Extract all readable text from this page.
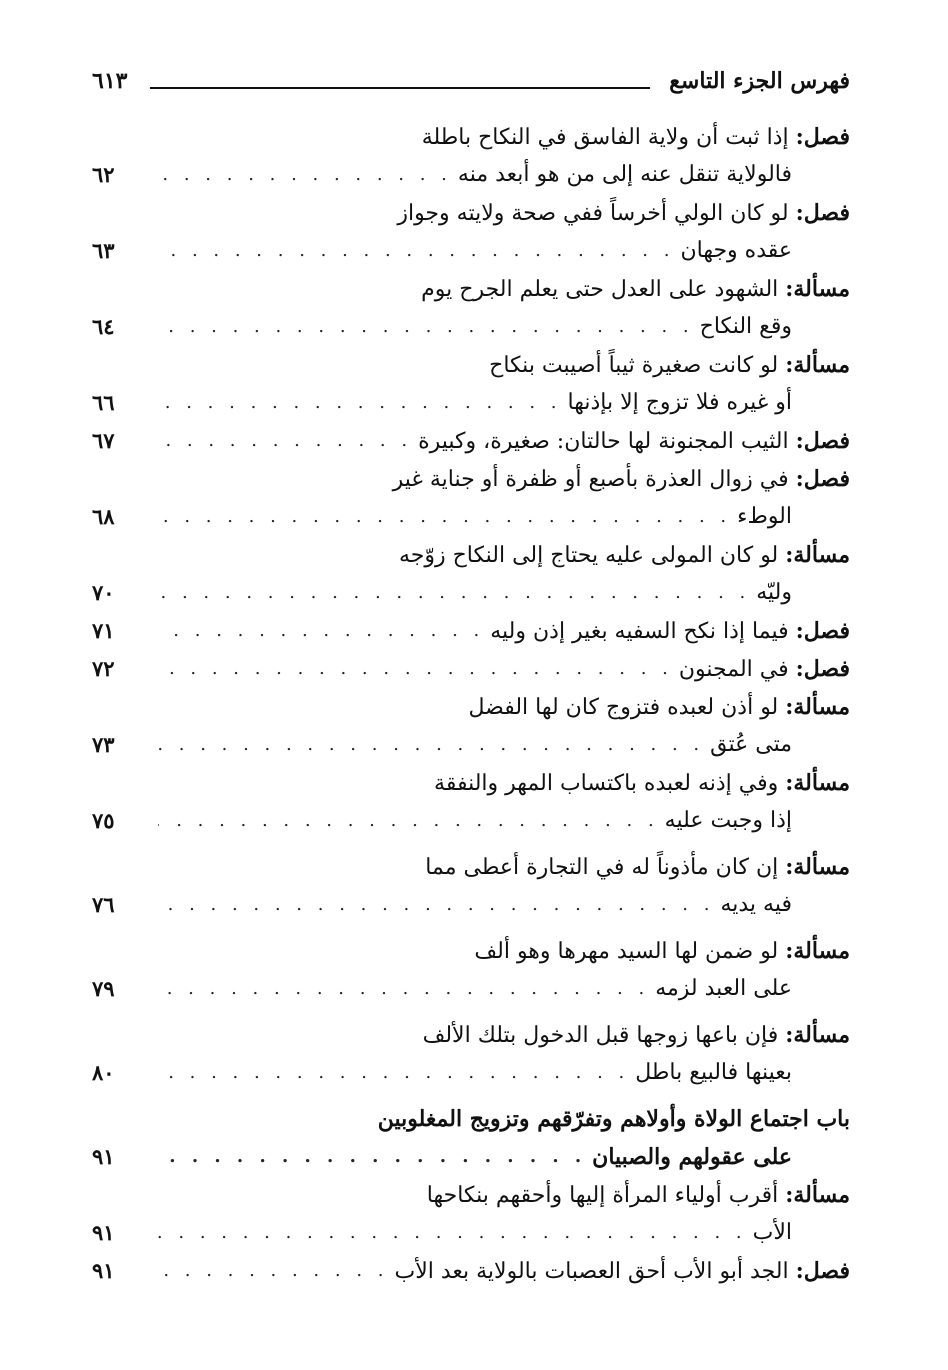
فهرس الجزء التاسع
٦١٣
فصل: إذا ثبت أن ولاية الفاسق في النكاح باطلة
فالولاية تنقل عنه إلى من هو أبعد منه
. . .
٦٢
فصل: لو كان الولي أخرساً ففي صحة ولايته وجواز
عقده وجهان
. . .
٦٣
مسألة: الشهود على العدل حتى يعلم الجرح يوم
وقع النكاح
. . .
٦٤
مسألة: لو كانت صغيرة ثيباً أصيبت بنكاح
أو غيره فلا تزوج إلا بإذنها
. . .
٦٦
فصل: الثيب المجنونة لها حالتان: صغيرة، وكبيرة
. . .
٦٧
فصل: في زوال العذرة بأصبع أو ظفرة أو جناية غير
الوطء
. . .
٦٨
مسألة: لو كان المولى عليه يحتاج إلى النكاح زوّجه
وليّه
. . .
٧٠
فصل: فيما إذا نكح السفيه بغير إذن وليه
. . .
٧١
فصل: في المجنون
. . .
٧٢
مسألة: لو أذن لعبده فتزوج كان لها الفضل
متى عُتق
. . .
٧٣
مسألة: وفي إذنه لعبده باكتساب المهر والنفقة
إذا وجبت عليه
. . .
٧٥
مسألة: إن كان مأذوناً له في التجارة أعطى مما
فيه يديه
. . .
٧٦
مسألة: لو ضمن لها السيد مهرها وهو ألف
على العبد لزمه
. . .
٧٩
مسألة: فإن باعها زوجها قبل الدخول بتلك الألف
بعينها فالبيع باطل
. . .
٨٠
باب اجتماع الولاة وأولاهم وتفرّقهم وتزويج المغلوبين
على عقولهم والصبيان
. . .
٩١
مسألة: أقرب أولياء المرأة إليها وأحقهم بنكاحها
الأب
. . .
٩١
فصل: الجد أبو الأب أحق العصبات بالولاية بعد الأب
. . .
٩١
